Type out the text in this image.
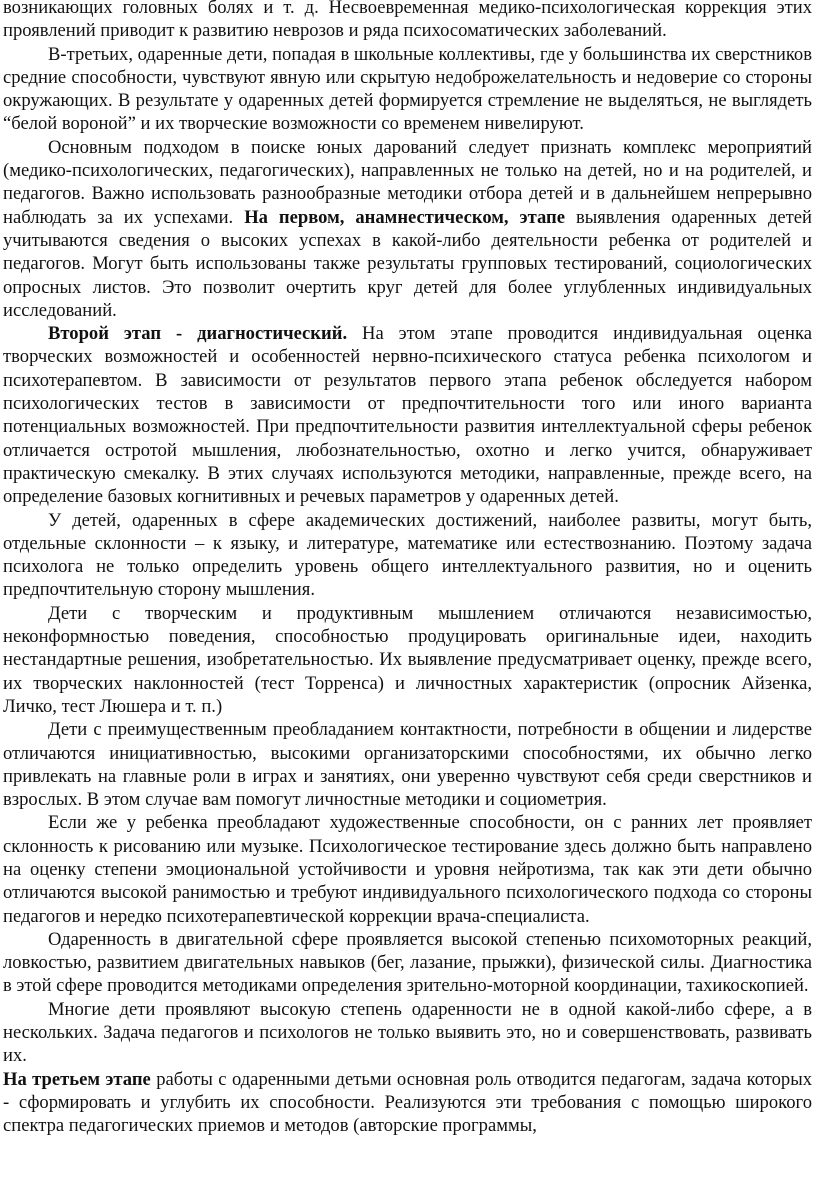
возникающих головных болях и т. д. Несвоевременная медико-психологическая коррекция этих проявлений приводит к развитию неврозов и ряда психосоматических заболеваний.

В-третьих, одаренные дети, попадая в школьные коллективы, где у большинства их сверстников средние способности, чувствуют явную или скрытую недоброжелательность и недоверие со стороны окружающих. В результате у одаренных детей формируется стремление не выделяться, не выглядеть “белой вороной” и их творческие возможности со временем нивелируют.

Основным подходом в поиске юных дарований следует признать комплекс мероприятий (медико-психологических, педагогических), направленных не только на детей, но и на родителей, и педагогов. Важно использовать разнообразные методики отбора детей и в дальнейшем непрерывно наблюдать за их успехами. На первом, анамнестическом, этапе выявления одаренных детей учитываются сведения о высоких успехах в какой-либо деятельности ребенка от родителей и педагогов. Могут быть использованы также результаты групповых тестирований, социологических опросных листов. Это позволит очертить круг детей для более углубленных индивидуальных исследований.

Второй этап - диагностический. На этом этапе проводится индивидуальная оценка творческих возможностей и особенностей нервно-психического статуса ребенка психологом и психотерапевтом. В зависимости от результатов первого этапа ребенок обследуется набором психологических тестов в зависимости от предпочтительности того или иного варианта потенциальных возможностей. При предпочтительности развития интеллектуальной сферы ребенок отличается остротой мышления, любознательностью, охотно и легко учится, обнаруживает практическую смекалку. В этих случаях используются методики, направленные, прежде всего, на определение базовых когнитивных и речевых параметров у одаренных детей.

У детей, одаренных в сфере академических достижений, наиболее развиты, могут быть, отдельные склонности – к языку, и литературе, математике или естествознанию. Поэтому задача психолога не только определить уровень общего интеллектуального развития, но и оценить предпочтительную сторону мышления.

Дети с творческим и продуктивным мышлением отличаются независимостью, неконформностью поведения, способностью продуцировать оригинальные идеи, находить нестандартные решения, изобретательностью. Их выявление предусматривает оценку, прежде всего, их творческих наклонностей (тест Торренса) и личностных характеристик (опросник Айзенка, Личко, тест Люшера и т. п.)

Дети с преимущественным преобладанием контактности, потребности в общении и лидерстве отличаются инициативностью, высокими организаторскими способностями, их обычно легко привлекать на главные роли в играх и занятиях, они уверенно чувствуют себя среди сверстников и взрослых. В этом случае вам помогут личностные методики и социометрия.

Если же у ребенка преобладают художественные способности, он с ранних лет проявляет склонность к рисованию или музыке. Психологическое тестирование здесь должно быть направлено на оценку степени эмоциональной устойчивости и уровня нейротизма, так как эти дети обычно отличаются высокой ранимостью и требуют индивидуального психологического подхода со стороны педагогов и нередко психотерапевтической коррекции врача-специалиста.

Одаренность в двигательной сфере проявляется высокой степенью психомоторных реакций, ловкостью, развитием двигательных навыков (бег, лазание, прыжки), физической силы. Диагностика в этой сфере проводится методиками определения зрительно-моторной координации, тахикоскопией.

Многие дети проявляют высокую степень одаренности не в одной какой-либо сфере, а в нескольких. Задача педагогов и психологов не только выявить это, но и совершенствовать, развивать их.

На третьем этапе работы с одаренными детьми основная роль отводится педагогам, задача которых - сформировать и углубить их способности. Реализуются эти требования с помощью широкого спектра педагогических приемов и методов (авторские программы,
